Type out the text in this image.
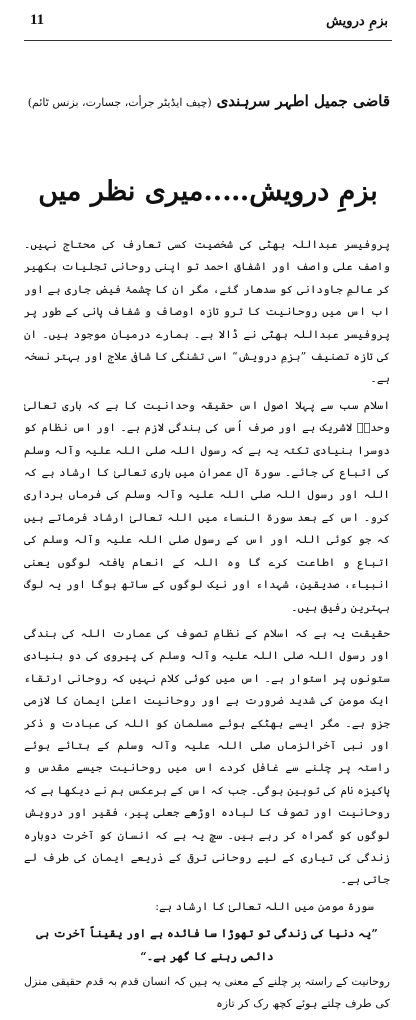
بزمِ درویش
11
قاضی جمیل اطہر سرہندی (چیف ایڈیٹر جرأت، جسارت، بزنس ٹائم)
بزمِ درویش…..میری نظر میں

پروفیسر عبداللہ بھٹی کی شخصیت کسی تعارف کی محتاج نہیں۔ واصف علی واصف اور اشفاق احمد تو اپنی روحانی تجلیات بکھیر کر عالمِ جاودانی کو سدھار گئے، مگر ان کا چشمۂ فیض جاری ہے اور اب اس میں روحانیت کا ترو تازہ اوصاف و شفاف پانی کے طور پر پروفیسر عبداللہ بھٹی نے ڈالا ہے۔ ہمارے درمیان موجود ہیں۔ ان کی تازہ تصنیف ”بزمِ درویش“ اسی تشنگی کا شافی علاج اور بہتر نسخہ ہے۔

اسلام سب سے پہلا اصول اس حقیقہ وحدانیت کا ہے کہ باری تعالیٰ وحدہٗ لاشریک ہے اور صرف اُس کی بندگی لازم ہے۔ اور اس نظام کو دوسرا بنیادی تکتہ یہ ہے کہ رسول اللہ صلی اللہ علیہ وآلہ وسلم کی اتباع کی جائے۔ سورۃ آل عمران میں باری تعالیٰ کا ارشاد ہے کہ اللہ اور رسول اللہ صلی اللہ علیہ وآلہ وسلم کی فرماں برداری کرو۔ اس کے بعد سورۃ النساء میں اللہ تعالیٰ ارشاد فرماتے ہیں کہ جو کوئی اللہ اور اس کے رسول صلی اللہ علیہ وآلہ وسلم کی اتباع و اطاعت کرے گا وہ اللہ کے انعام یافتہ لوگوں یعنی انبیاء، صدیقین، شہداء اور نیک لوگوں کے ساتھ ہوگا اور یہ لوگ بہترین رفیق ہیں۔

حقیقت یہ ہے کہ اسلام کے نظامِ تصوف کی عمارت اللہ کی بندگی اور رسول اللہ صلی اللہ علیہ وآلہ وسلم کی پیروی کی دو بنیادی ستونوں پر استوار ہے۔ اس میں کوئی کلام نہیں کہ روحانی ارتقاء ایک مومن کی شدید ضرورت ہے اور روحانیت اعلیٰ ایمان کا لازمی جزو ہے۔ مگر ایسے بھٹکے ہوئے مسلمان کو اللہ کی عبادت و ذکر اور نبی آخرالزماں صلی اللہ علیہ وآلہ وسلم کے بتائے ہوئے راستہ پر چلنے سے غافل کردے اس میں روحانیت جیسے مقدس و پاکیزہ نام کی توہین ہوگی۔ جب کہ اس کے برعکس ہم نے دیکھا ہے کہ روحانیت اور تصوف کا لبادہ اوڑھے جعلی پیر، فقیر اور درویش لوگوں کو گمراہ کر رہے ہیں۔ سچ یہ ہے کہ انسان کو آخرت دوبارہ زندگی کی تیاری کے لیے روحانی ترقی کے ذریعے ایمان کی طرف لے جاتی ہے۔

سورۃ مومن میں اللہ تعالیٰ کا ارشاد ہے:

”یہ دنیا کی زندگی تو تھوڑا سا فائدہ ہے اور یقیناً آخرت ہی دائمی رہنے کا گھر ہے۔“

روحانیت کے راستہ پر چلنے کے معنی یہ ہیں کہ انسان قدم بہ قدم حقیقی منزل کی طرف چلتے ہوئے کچھ رک کر تازہ
